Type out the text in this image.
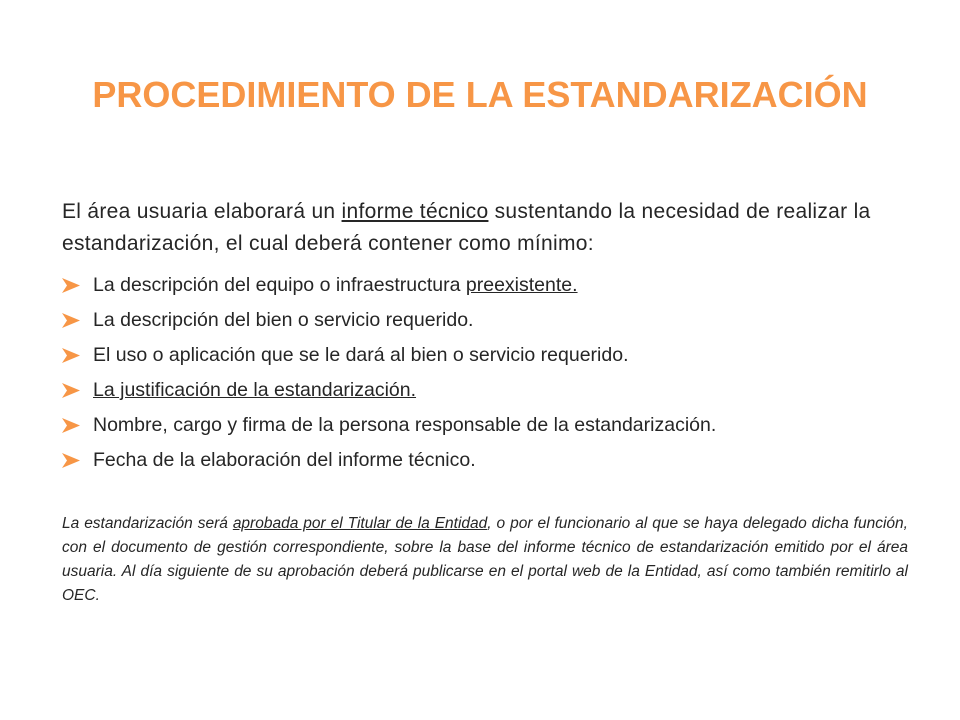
PROCEDIMIENTO DE LA ESTANDARIZACIÓN
El área usuaria elaborará un informe técnico sustentando la necesidad de realizar la estandarización, el cual deberá contener como mínimo:
La descripción del equipo o infraestructura preexistente.
La descripción del bien o servicio requerido.
El uso o aplicación que se le dará al bien o servicio requerido.
La justificación de la estandarización.
Nombre, cargo y firma de la persona responsable de la estandarización.
Fecha de la elaboración del informe técnico.
La estandarización será aprobada por el Titular de la Entidad, o por el funcionario al que se haya delegado dicha función, con el documento de gestión correspondiente, sobre la base del informe técnico de estandarización emitido por el área usuaria. Al día siguiente de su aprobación deberá publicarse en el portal web de la Entidad, así como también remitirlo al OEC.
